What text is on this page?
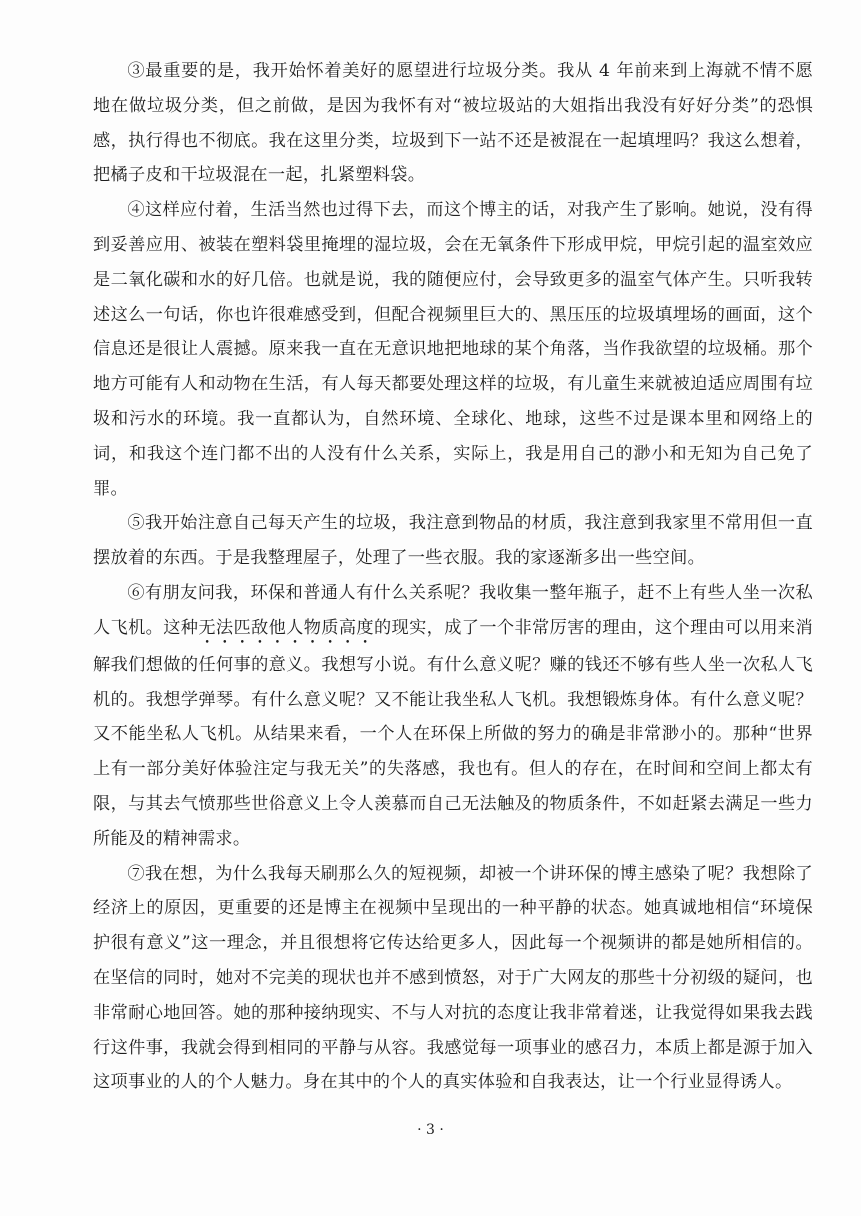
③最重要的是，我开始怀着美好的愿望进行垃圾分类。我从 4 年前来到上海就不情不愿地在做垃圾分类，但之前做，是因为我怀有对“被垃圾站的大姐指出我没有好好分类”的恐惧感，执行得也不彻底。我在这里分类，垃圾到下一站不还是被混在一起填埋吗？我这么想着，把橘子皮和干垃圾混在一起，扎紧塑料袋。

④这样应付着，生活当然也过得下去，而这个博主的话，对我产生了影响。她说，没有得到妥善应用、被装在塑料袋里掩埋的湿垃圾，会在无氧条件下形成甲烷，甲烷引起的温室效应是二氧化碳和水的好几倍。也就是说，我的随便应付，会导致更多的温室气体产生。只听我转述这么一句话，你也许很难感受到，但配合视频里巨大的、黑压压的垃圾填埋场的画面，这个信息还是很让人震撼。原来我一直在无意识地把地球的某个角落，当作我欲望的垃圾桶。那个地方可能有人和动物在生活，有人每天都要处理这样的垃圾，有儿童生来就被迫适应周围有垃圾和污水的环境。我一直都认为，自然环境、全球化、地球，这些不过是课本里和网络上的词，和我这个连门都不出的人没有什么关系，实际上，我是用自己的渺小和无知为自己免了罪。

⑤我开始注意自己每天产生的垃圾，我注意到物品的材质，我注意到我家里不常用但一直摆放着的东西。于是我整理屋子，处理了一些衣服。我的家逐渐多出一些空间。

⑥有朋友问我，环保和普通人有什么关系呢？我收集一整年瓶子，赶不上有些人坐一次私人飞机。这种无法匹敌他人物质高度的现实，成了一个非常厉害的理由，这个理由可以用来消解我们想做的任何事的意义。我想写小说。有什么意义呢？赚的钱还不够有些人坐一次私人飞机的。我想学弹琴。有什么意义呢？又不能让我坐私人飞机。我想锻炼身体。有什么意义呢？又不能坐私人飞机。从结果来看，一个人在环保上所做的努力的确是非常渺小的。那种“世界上有一部分美好体验注定与我无关”的失落感，我也有。但人的存在，在时间和空间上都太有限，与其去气愤那些世俗意义上令人羡慕而自己无法触及的物质条件，不如赶紧去满足一些力所能及的精神需求。

⑦我在想，为什么我每天刷那么久的短视频，却被一个讲环保的博主感染了呢？我想除了经济上的原因，更重要的还是博主在视频中呈现出的一种平静的状态。她真诚地相信“环境保护很有意义”这一理念，并且很想将它传达给更多人，因此每一个视频讲的都是她所相信的。在坚信的同时，她对不完美的现状也并不感到愤怒，对于广大网友的那些十分初级的疑问，也非常耐心地回答。她的那种接纳现实、不与人对抗的态度让我非常着迷，让我觉得如果我去践行这件事，我就会得到相同的平静与从容。我感觉每一项事业的感召力，本质上都是源于加入这项事业的人的个人魅力。身在其中的个人的真实体验和自我表达，让一个行业显得诱人。

· 3 ·
